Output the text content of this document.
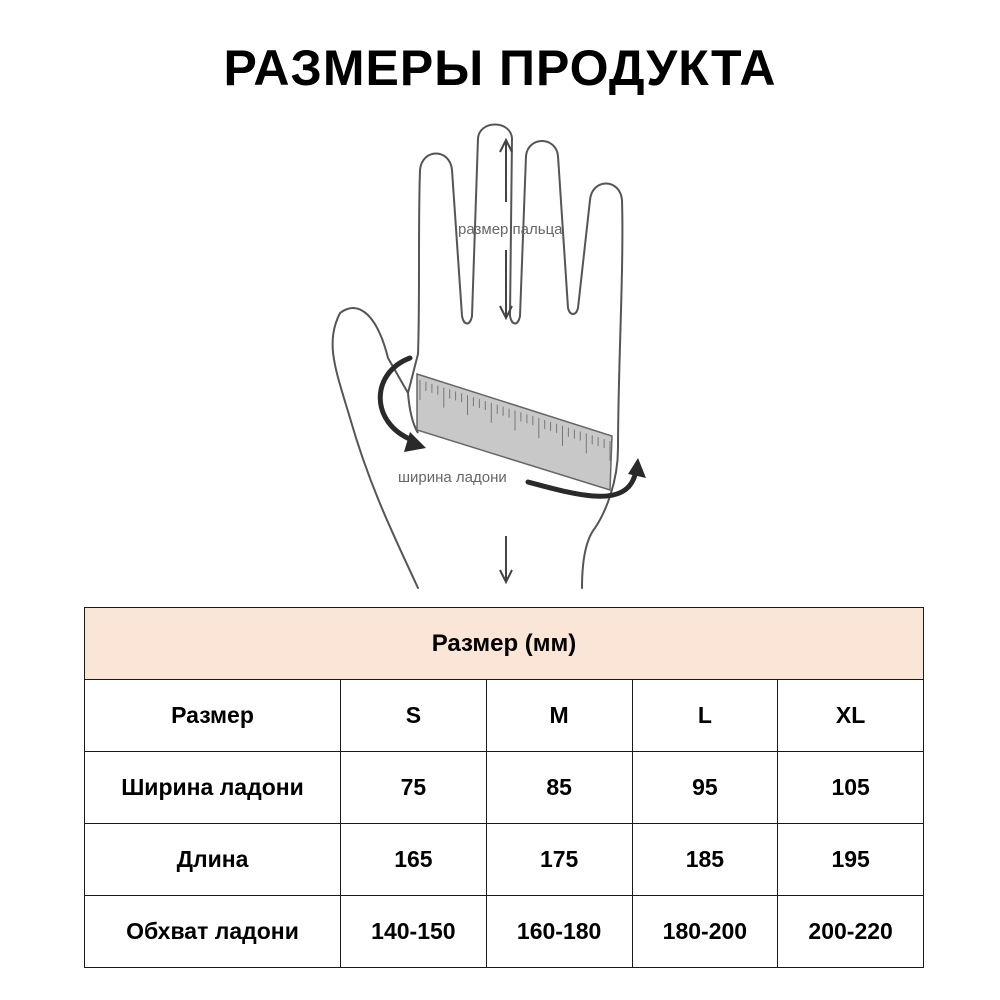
РАЗМЕРЫ ПРОДУКТА
размер пальца
ширина ладони
Размер (мм)				
Размер	S	M	L	XL
Ширина ладони	75	85	95	105
Длина	165	175	185	195
Обхват ладони	140-150	160-180	180-200	200-220
